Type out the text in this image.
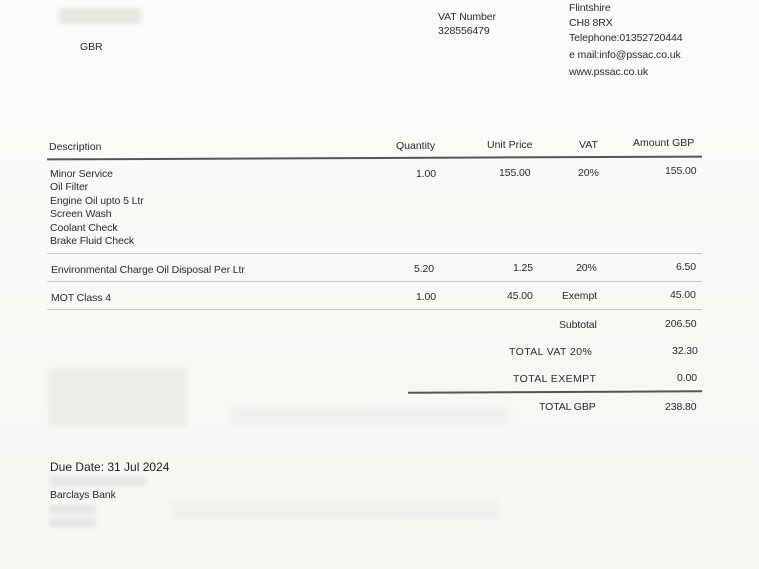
GBR
VAT Number
328556479
Flintshire
CH8 8RX
Telephone:01352720444
e mail:info@pssac.co.uk
www.pssac.co.uk
Description	Quantity	Unit Price	VAT	Amount GBP
Minor Service
Oil Filter
Engine Oil upto 5 Ltr
Screen Wash
Coolant Check
Brake Fluid Check
1.00	155.00	20%	155.00
Environmental Charge Oil Disposal Per Ltr	5.20	1.25	20%	6.50
MOT Class 4	1.00	45.00	Exempt	45.00
Subtotal	206.50
TOTAL VAT 20%	32.30
TOTAL EXEMPT	0.00
TOTAL GBP	238.80
Due Date: 31 Jul 2024
Barclays Bank
